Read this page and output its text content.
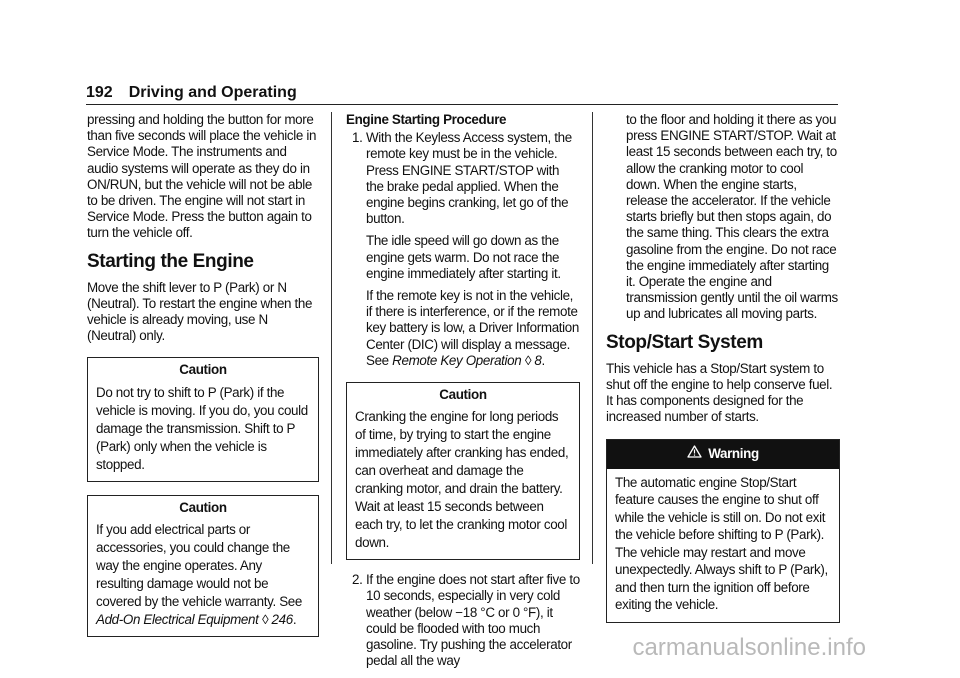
192 Driving and Operating

pressing and holding the button for more than five seconds will place the vehicle in Service Mode. The instruments and audio systems will operate as they do in ON/RUN, but the vehicle will not be able to be driven. The engine will not start in Service Mode. Press the button again to turn the vehicle off.

Starting the Engine

Move the shift lever to P (Park) or N (Neutral). To restart the engine when the vehicle is already moving, use N (Neutral) only.

Caution
Do not try to shift to P (Park) if the vehicle is moving. If you do, you could damage the transmission. Shift to P (Park) only when the vehicle is stopped.
Caution
If you add electrical parts or accessories, you could change the way the engine operates. Any resulting damage would not be covered by the vehicle warranty. See Add-On Electrical Equipment ◊ 246.

Engine Starting Procedure

1. With the Keyless Access system, the remote key must be in the vehicle. Press ENGINE START/STOP with the brake pedal applied. When the engine begins cranking, let go of the button.
The idle speed will go down as the engine gets warm. Do not race the engine immediately after starting it.
If the remote key is not in the vehicle, if there is interference, or if the remote key battery is low, a Driver Information Center (DIC) will display a message. See Remote Key Operation ◊ 8.
Caution
Cranking the engine for long periods of time, by trying to start the engine immediately after cranking has ended, can overheat and damage the cranking motor, and drain the battery. Wait at least 15 seconds between each try, to let the cranking motor cool down.
2. If the engine does not start after five to 10 seconds, especially in very cold weather (below −18 °C or 0 °F), it could be flooded with too much gasoline. Try pushing the accelerator pedal all the way
to the floor and holding it there as you press ENGINE START/STOP. Wait at least 15 seconds between each try, to allow the cranking motor to cool down. When the engine starts, release the accelerator. If the vehicle starts briefly but then stops again, do the same thing. This clears the extra gasoline from the engine. Do not race the engine immediately after starting it. Operate the engine and transmission gently until the oil warms up and lubricates all moving parts.
Stop/Start System

This vehicle has a Stop/Start system to shut off the engine to help conserve fuel. It has components designed for the increased number of starts.

Warning
The automatic engine Stop/Start feature causes the engine to shut off while the vehicle is still on. Do not exit the vehicle before shifting to P (Park). The vehicle may restart and move unexpectedly. Always shift to P (Park), and then turn the ignition off before exiting the vehicle.
carmanualsonline.info
